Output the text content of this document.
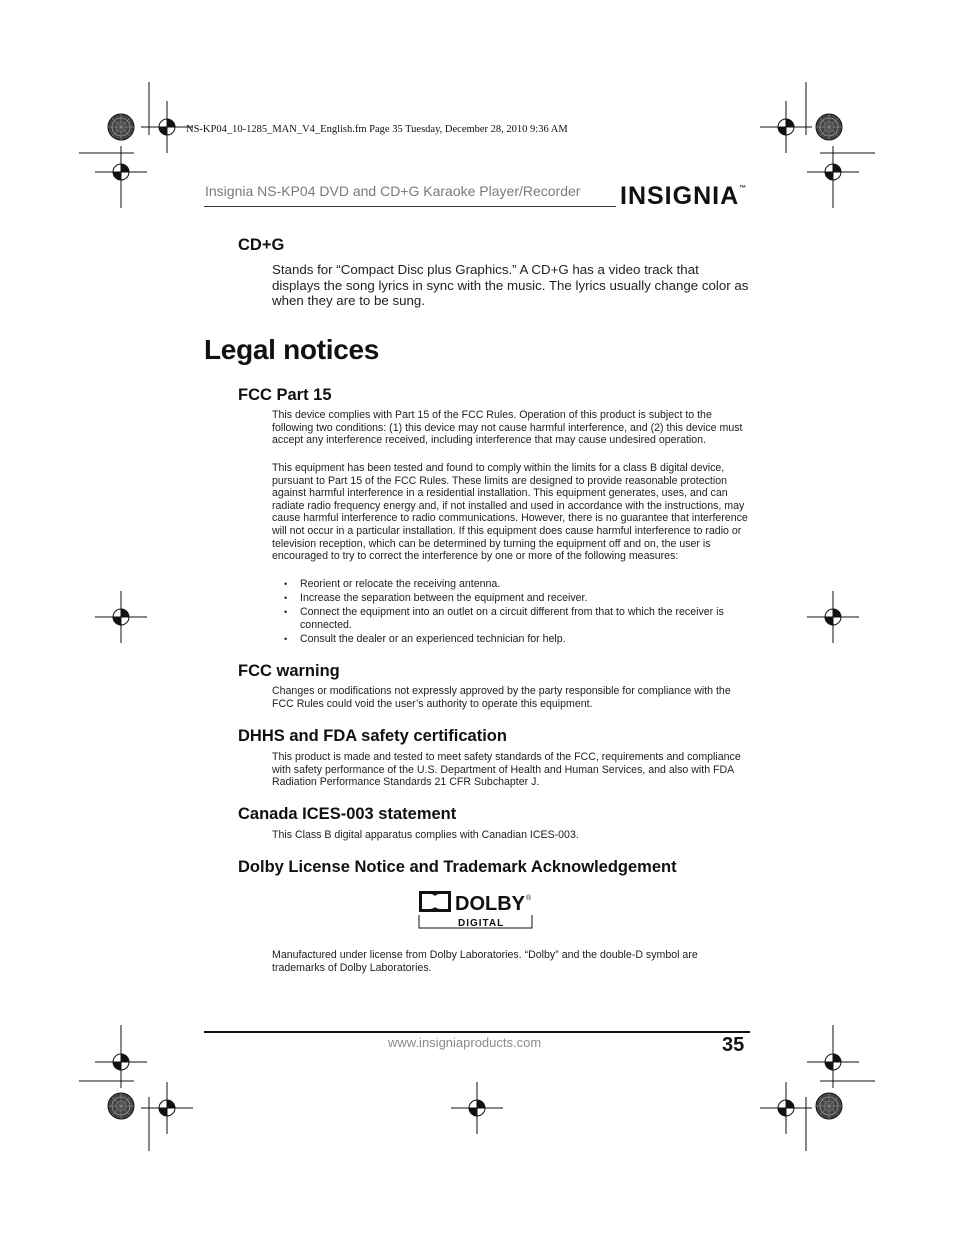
NS-KP04_10-1285_MAN_V4_English.fm Page 35 Tuesday, December 28, 2010 9:36 AM
Insignia NS-KP04 DVD and CD+G Karaoke Player/Recorder INSIGNIA™
CD+G

Stands for “Compact Disc plus Graphics.” A CD+G has a video track that displays the song lyrics in sync with the music. The lyrics usually change color as when they are to be sung.

Legal notices
FCC Part 15

This device complies with Part 15 of the FCC Rules. Operation of this product is subject to the following two conditions: (1) this device may not cause harmful interference, and (2) this device must accept any interference received, including interference that may cause undesired operation.

This equipment has been tested and found to comply within the limits for a class B digital device, pursuant to Part 15 of the FCC Rules. These limits are designed to provide reasonable protection against harmful interference in a residential installation. This equipment generates, uses, and can radiate radio frequency energy and, if not installed and used in accordance with the instructions, may cause harmful interference to radio communications. However, there is no guarantee that interference will not occur in a particular installation. If this equipment does cause harmful interference to radio or television reception, which can be determined by turning the equipment off and on, the user is encouraged to try to correct the interference by one or more of the following measures:

• Reorient or relocate the receiving antenna.
• Increase the separation between the equipment and receiver.
• Connect the equipment into an outlet on a circuit different from that to which the receiver is connected.
• Consult the dealer or an experienced technician for help.
FCC warning

Changes or modifications not expressly approved by the party responsible for compliance with the FCC Rules could void the user’s authority to operate this equipment.

DHHS and FDA safety certification

This product is made and tested to meet safety standards of the FCC, requirements and compliance with safety performance of the U.S. Department of Health and Human Services, and also with FDA Radiation Performance Standards 21 CFR Subchapter J.

Canada ICES-003 statement

This Class B digital apparatus complies with Canadian ICES-003.

Dolby License Notice and Trademark Acknowledgement
DOLBY ®
DIGITAL

Manufactured under license from Dolby Laboratories. “Dolby” and the double-D symbol are trademarks of Dolby Laboratories.

www.insigniaproducts.com	35
